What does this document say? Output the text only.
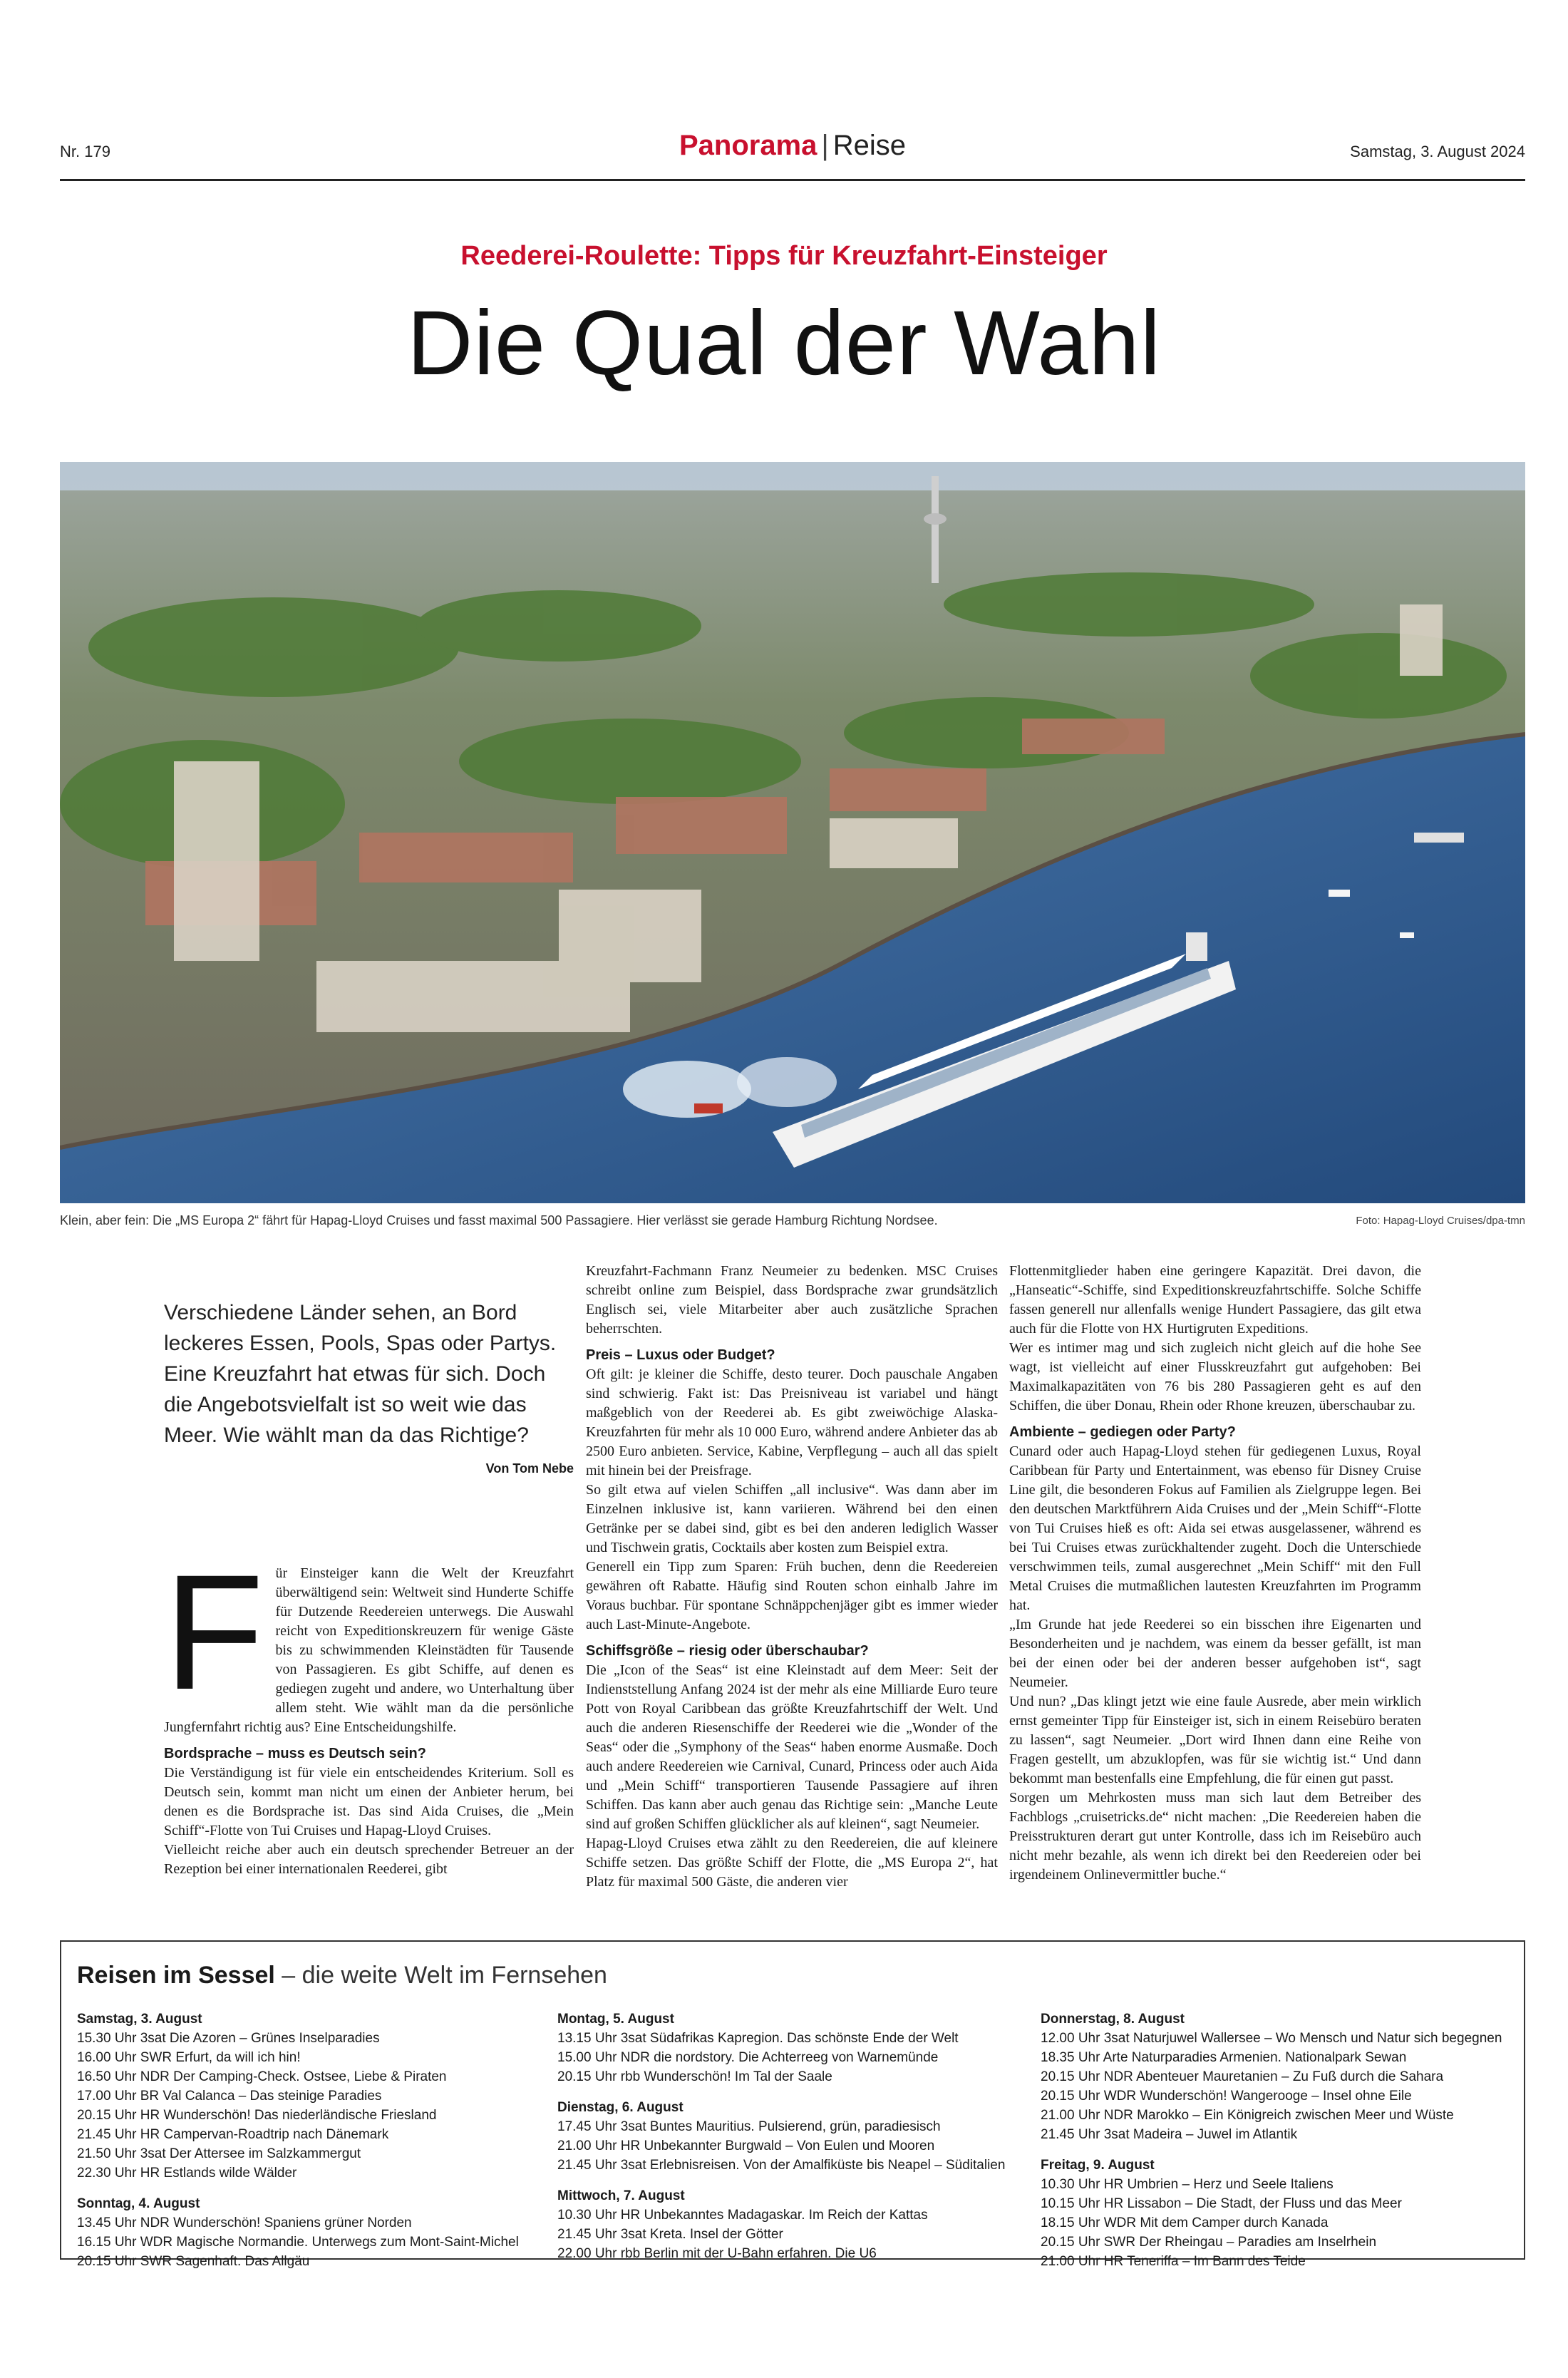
Nr. 179	Panorama | Reise	Samstag, 3. August 2024
Reederei-Roulette: Tipps für Kreuzfahrt-Einsteiger
Die Qual der Wahl
Klein, aber fein: Die „MS Europa 2“ fährt für Hapag-Lloyd Cruises und fasst maximal 500 Passagiere. Hier verlässt sie gerade Hamburg Richtung Nordsee.	Foto: Hapag-Lloyd Cruises/dpa-tmn

Verschiedene Länder sehen, an Bord leckeres Essen, Pools, Spas oder Partys. Eine Kreuzfahrt hat etwas für sich. Doch die Angebotsvielfalt ist so weit wie das Meer. Wie wählt man da das Richtige?

Von Tom Nebe
F ür Einsteiger kann die Welt der Kreuzfahrt überwältigend sein: Weltweit sind Hunderte Schiffe für Dutzende Reedereien unterwegs. Die Auswahl reicht von Expeditionskreuzern für wenige Gäste bis zu schwimmenden Kleinstädten für Tausende von Passagieren. Es gibt Schiffe, auf denen es gediegen zugeht und andere, wo Unterhaltung über allem steht. Wie wählt man da die persönliche Jungfernfahrt richtig aus? Eine Entscheidungshilfe.

Bordsprache – muss es Deutsch sein?

Die Verständigung ist für viele ein entscheidendes Kriterium. Soll es Deutsch sein, kommt man nicht um einen der Anbieter herum, bei denen es die Bordsprache ist. Das sind Aida Cruises, die „Mein Schiff“-Flotte von Tui Cruises und Hapag-Lloyd Cruises.

Vielleicht reiche aber auch ein deutsch sprechender Betreuer an der Rezeption bei einer internationalen Reederei, gibt

Kreuzfahrt-Fachmann Franz Neumeier zu bedenken. MSC Cruises schreibt online zum Beispiel, dass Bordsprache zwar grundsätzlich Englisch sei, viele Mitarbeiter aber auch zusätzliche Sprachen beherrschten.

Preis – Luxus oder Budget?

Oft gilt: je kleiner die Schiffe, desto teurer. Doch pauschale Angaben sind schwierig. Fakt ist: Das Preisniveau ist variabel und hängt maßgeblich von der Reederei ab. Es gibt zweiwöchige Alaska-Kreuzfahrten für mehr als 10 000 Euro, während andere Anbieter das ab 2500 Euro anbieten. Service, Kabine, Verpflegung – auch all das spielt mit hinein bei der Preisfrage.

So gilt etwa auf vielen Schiffen „all inclusive“. Was dann aber im Einzelnen inklusive ist, kann variieren. Während bei den einen Getränke per se dabei sind, gibt es bei den anderen lediglich Wasser und Tischwein gratis, Cocktails aber kosten zum Beispiel extra.

Generell ein Tipp zum Sparen: Früh buchen, denn die Reedereien gewähren oft Rabatte. Häufig sind Routen schon einhalb Jahre im Voraus buchbar. Für spontane Schnäppchenjäger gibt es immer wieder auch Last-Minute-Angebote.

Schiffsgröße – riesig oder überschaubar?

Die „Icon of the Seas“ ist eine Kleinstadt auf dem Meer: Seit der Indienststellung Anfang 2024 ist der mehr als eine Milliarde Euro teure Pott von Royal Caribbean das größte Kreuzfahrtschiff der Welt. Und auch die anderen Riesenschiffe der Reederei wie die „Wonder of the Seas“ oder die „Symphony of the Seas“ haben enorme Ausmaße. Doch auch andere Reedereien wie Carnival, Cunard, Princess oder auch Aida und „Mein Schiff“ transportieren Tausende Passagiere auf ihren Schiffen. Das kann aber auch genau das Richtige sein: „Manche Leute sind auf großen Schiffen glücklicher als auf kleinen“, sagt Neumeier.

Hapag-Lloyd Cruises etwa zählt zu den Reedereien, die auf kleinere Schiffe setzen. Das größte Schiff der Flotte, die „MS Europa 2“, hat Platz für maximal 500 Gäste, die anderen vier

Flottenmitglieder haben eine geringere Kapazität. Drei davon, die „Hanseatic“-Schiffe, sind Expeditionskreuzfahrtschiffe. Solche Schiffe fassen generell nur allenfalls wenige Hundert Passagiere, das gilt etwa auch für die Flotte von HX Hurtigruten Expeditions.

Wer es intimer mag und sich zugleich nicht gleich auf die hohe See wagt, ist vielleicht auf einer Flusskreuzfahrt gut aufgehoben: Bei Maximalkapazitäten von 76 bis 280 Passagieren geht es auf den Schiffen, die über Donau, Rhein oder Rhone kreuzen, überschaubar zu.

Ambiente – gediegen oder Party?

Cunard oder auch Hapag-Lloyd stehen für gediegenen Luxus, Royal Caribbean für Party und Entertainment, was ebenso für Disney Cruise Line gilt, die besonderen Fokus auf Familien als Zielgruppe legen. Bei den deutschen Marktführern Aida Cruises und der „Mein Schiff“-Flotte von Tui Cruises hieß es oft: Aida sei etwas ausgelassener, während es bei Tui Cruises etwas zurückhaltender zugeht. Doch die Unterschiede verschwimmen teils, zumal ausgerechnet „Mein Schiff“ mit den Full Metal Cruises die mutmaßlichen lautesten Kreuzfahrten im Programm hat.

„Im Grunde hat jede Reederei so ein bisschen ihre Eigenarten und Besonderheiten und je nachdem, was einem da besser gefällt, ist man bei der einen oder bei der anderen besser aufgehoben ist“, sagt Neumeier.

Und nun? „Das klingt jetzt wie eine faule Ausrede, aber mein wirklich ernst gemeinter Tipp für Einsteiger ist, sich in einem Reisebüro beraten zu lassen“, sagt Neumeier. „Dort wird Ihnen dann eine Reihe von Fragen gestellt, um abzuklopfen, was für sie wichtig ist.“ Und dann bekommt man bestenfalls eine Empfehlung, die für einen gut passt.

Sorgen um Mehrkosten muss man sich laut dem Betreiber des Fachblogs „cruisetricks.de“ nicht machen: „Die Reedereien haben die Preisstrukturen derart gut unter Kontrolle, dass ich im Reisebüro auch nicht mehr bezahle, als wenn ich direkt bei den Reedereien oder bei irgendeinem Onlinevermittler buche.“

Reisen im Sessel – die weite Welt im Fernsehen
Samstag, 3. August
15.30 Uhr 3sat Die Azoren – Grünes Inselparadies
16.00 Uhr SWR Erfurt, da will ich hin!
16.50 Uhr NDR Der Camping-Check. Ostsee, Liebe & Piraten
17.00 Uhr BR Val Calanca – Das steinige Paradies
20.15 Uhr HR Wunderschön! Das niederländische Friesland
21.45 Uhr HR Campervan-Roadtrip nach Dänemark
21.50 Uhr 3sat Der Attersee im Salzkammergut
22.30 Uhr HR Estlands wilde Wälder
Sonntag, 4. August
13.45 Uhr NDR Wunderschön! Spaniens grüner Norden
16.15 Uhr WDR Magische Normandie. Unterwegs zum Mont-Saint-Michel
20.15 Uhr SWR Sagenhaft. Das Allgäu
Montag, 5. August
13.15 Uhr 3sat Südafrikas Kapregion. Das schönste Ende der Welt
15.00 Uhr NDR die nordstory. Die Achterreeg von Warnemünde
20.15 Uhr rbb Wunderschön! Im Tal der Saale
Dienstag, 6. August
17.45 Uhr 3sat Buntes Mauritius. Pulsierend, grün, paradiesisch
21.00 Uhr HR Unbekannter Burgwald – Von Eulen und Mooren
21.45 Uhr 3sat Erlebnisreisen. Von der Amalfiküste bis Neapel – Süditalien
Mittwoch, 7. August
10.30 Uhr HR Unbekanntes Madagaskar. Im Reich der Kattas
21.45 Uhr 3sat Kreta. Insel der Götter
22.00 Uhr rbb Berlin mit der U-Bahn erfahren. Die U6
Donnerstag, 8. August
12.00 Uhr 3sat Naturjuwel Wallersee – Wo Mensch und Natur sich begegnen
18.35 Uhr Arte Naturparadies Armenien. Nationalpark Sewan
20.15 Uhr NDR Abenteuer Mauretanien – Zu Fuß durch die Sahara
20.15 Uhr WDR Wunderschön! Wangerooge – Insel ohne Eile
21.00 Uhr NDR Marokko – Ein Königreich zwischen Meer und Wüste
21.45 Uhr 3sat Madeira – Juwel im Atlantik
Freitag, 9. August
10.30 Uhr HR Umbrien – Herz und Seele Italiens
10.15 Uhr HR Lissabon – Die Stadt, der Fluss und das Meer
18.15 Uhr WDR Mit dem Camper durch Kanada
20.15 Uhr SWR Der Rheingau – Paradies am Inselrhein
21.00 Uhr HR Teneriffa – Im Bann des Teide
